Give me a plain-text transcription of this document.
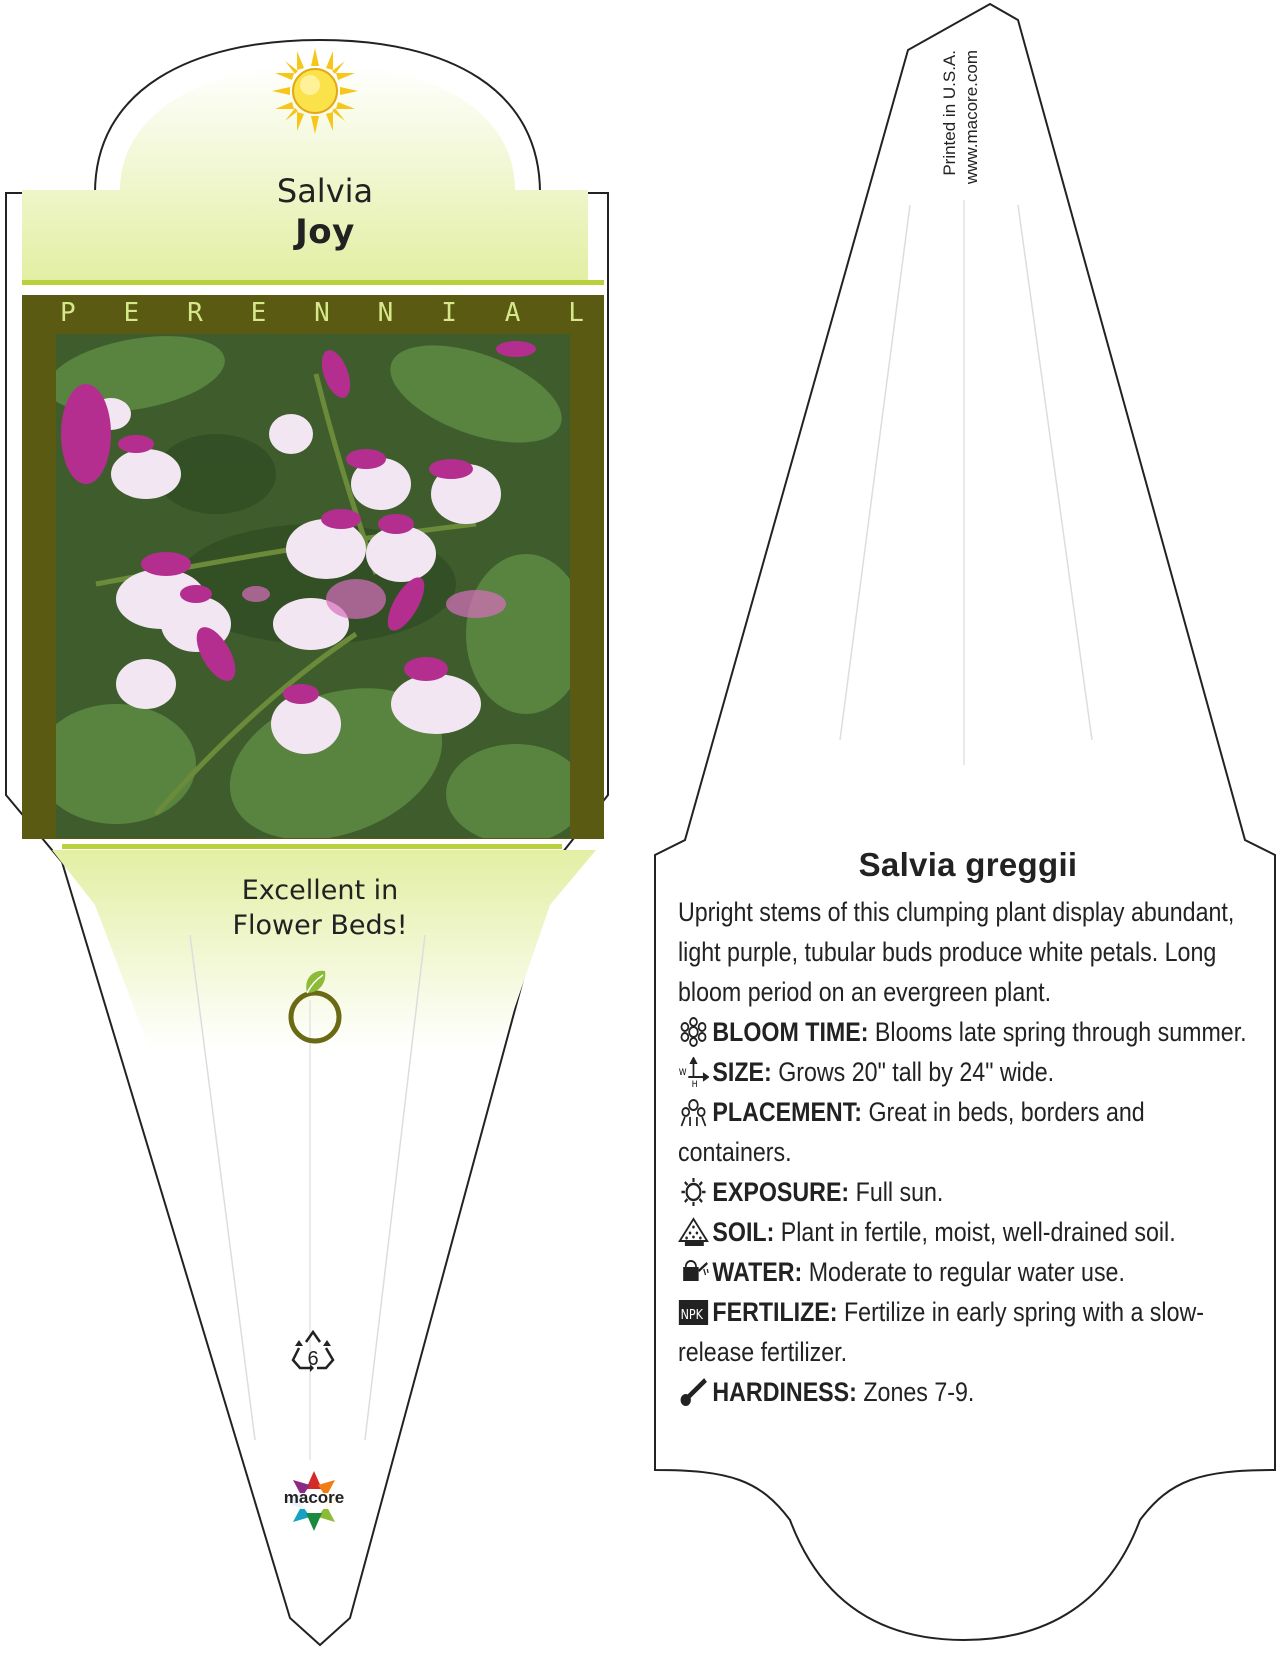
Salvia
Joy
P E R E N N I A L
Excellent in
Flower Beds!
6
macore
Printed in U.S.A. www.macore.com
Salvia greggii
Upright stems of this clumping plant display abundant, light purple, tubular buds produce white petals. Long bloom period on an evergreen plant.
BLOOM TIME: Blooms late spring through summer.
W
H SIZE: Grows 20" tall by 24" wide.
PLACEMENT: Great in beds, borders and containers.
EXPOSURE: Full sun.
SOIL: Plant in fertile, moist, well-drained soil.
WATER: Moderate to regular water use.
NPK FERTILIZE: Fertilize in early spring with a slow-release fertilizer.
HARDINESS: Zones 7-9.
